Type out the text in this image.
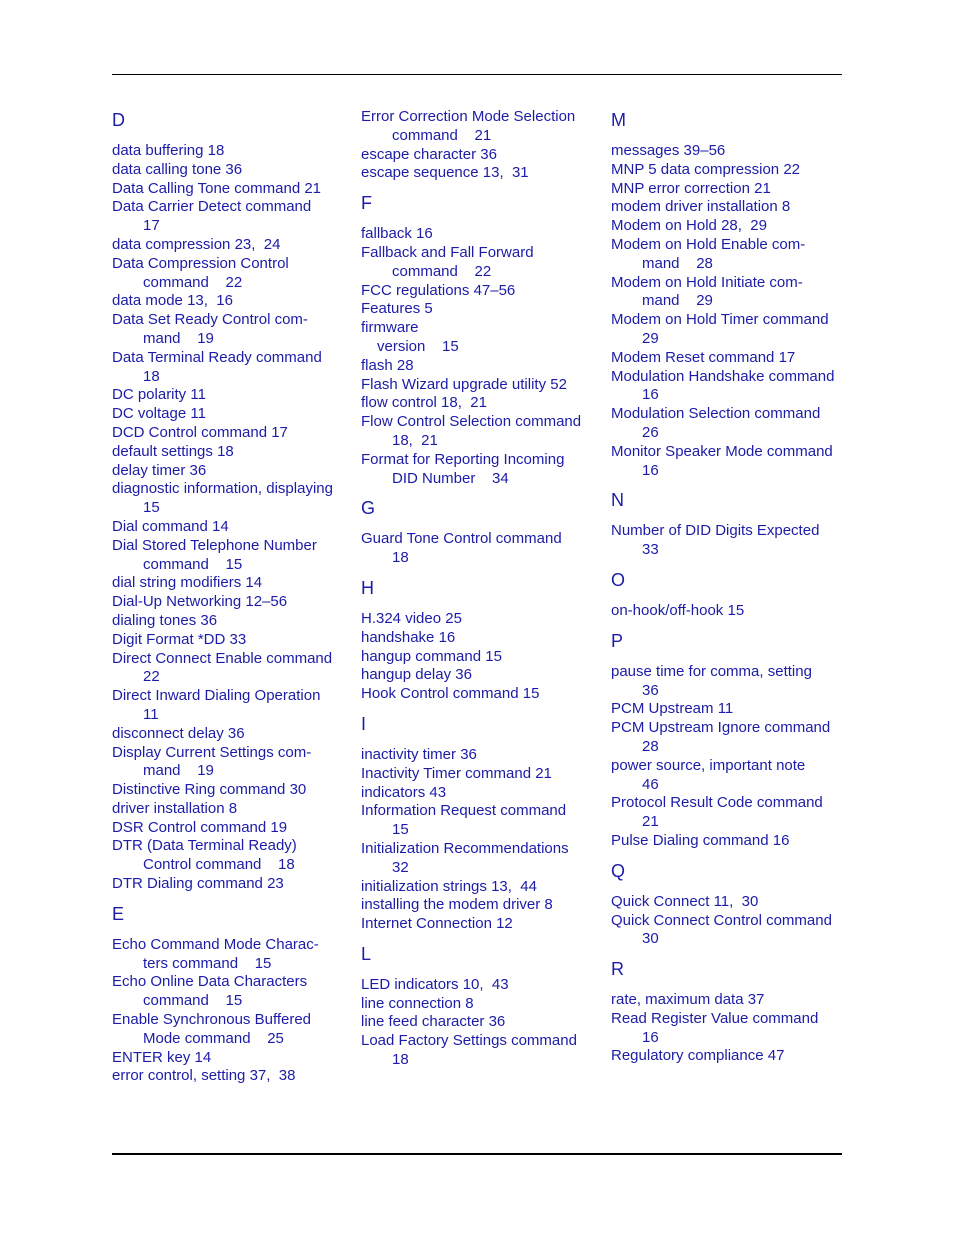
D
data buffering 18
data calling tone 36
Data Calling Tone command 21
Data Carrier Detect command
17
data compression 23,  24
Data Compression Control
command    22
data mode 13,  16
Data Set Ready Control com-
mand    19
Data Terminal Ready command
18
DC polarity 11
DC voltage 11
DCD Control command 17
default settings 18
delay timer 36
diagnostic information, displaying
15
Dial command 14
Dial Stored Telephone Number
command    15
dial string modifiers 14
Dial-Up Networking 12–56
dialing tones 36
Digit Format *DD 33
Direct Connect Enable command
22
Direct Inward Dialing Operation
11
disconnect delay 36
Display Current Settings com-
mand    19
Distinctive Ring command 30
driver installation 8
DSR Control command 19
DTR (Data Terminal Ready)
Control command    18
DTR Dialing command 23
E
Echo Command Mode Charac-
ters command    15
Echo Online Data Characters
command    15
Enable Synchronous Buffered
Mode command    25
ENTER key 14
error control, setting 37,  38
Error Correction Mode Selection
command    21
escape character 36
escape sequence 13,  31
F
fallback 16
Fallback and Fall Forward
command    22
FCC regulations 47–56
Features 5
firmware
version    15
flash 28
Flash Wizard upgrade utility 52
flow control 18,  21
Flow Control Selection command
18,  21
Format for Reporting Incoming
DID Number    34
G
Guard Tone Control command
18
H
H.324 video 25
handshake 16
hangup command 15
hangup delay 36
Hook Control command 15
I
inactivity timer 36
Inactivity Timer command 21
indicators 43
Information Request command
15
Initialization Recommendations
32
initialization strings 13,  44
installing the modem driver 8
Internet Connection 12
L
LED indicators 10,  43
line connection 8
line feed character 36
Load Factory Settings command
18
M
messages 39–56
MNP 5 data compression 22
MNP error correction 21
modem driver installation 8
Modem on Hold 28,  29
Modem on Hold Enable com-
mand    28
Modem on Hold Initiate com-
mand    29
Modem on Hold Timer command
29
Modem Reset command 17
Modulation Handshake command
16
Modulation Selection command
26
Monitor Speaker Mode command
16
N
Number of DID Digits Expected
33
O
on-hook/off-hook 15
P
pause time for comma, setting
36
PCM Upstream 11
PCM Upstream Ignore command
28
power source, important note
46
Protocol Result Code command
21
Pulse Dialing command 16
Q
Quick Connect 11,  30
Quick Connect Control command
30
R
rate, maximum data 37
Read Register Value command
16
Regulatory compliance 47
